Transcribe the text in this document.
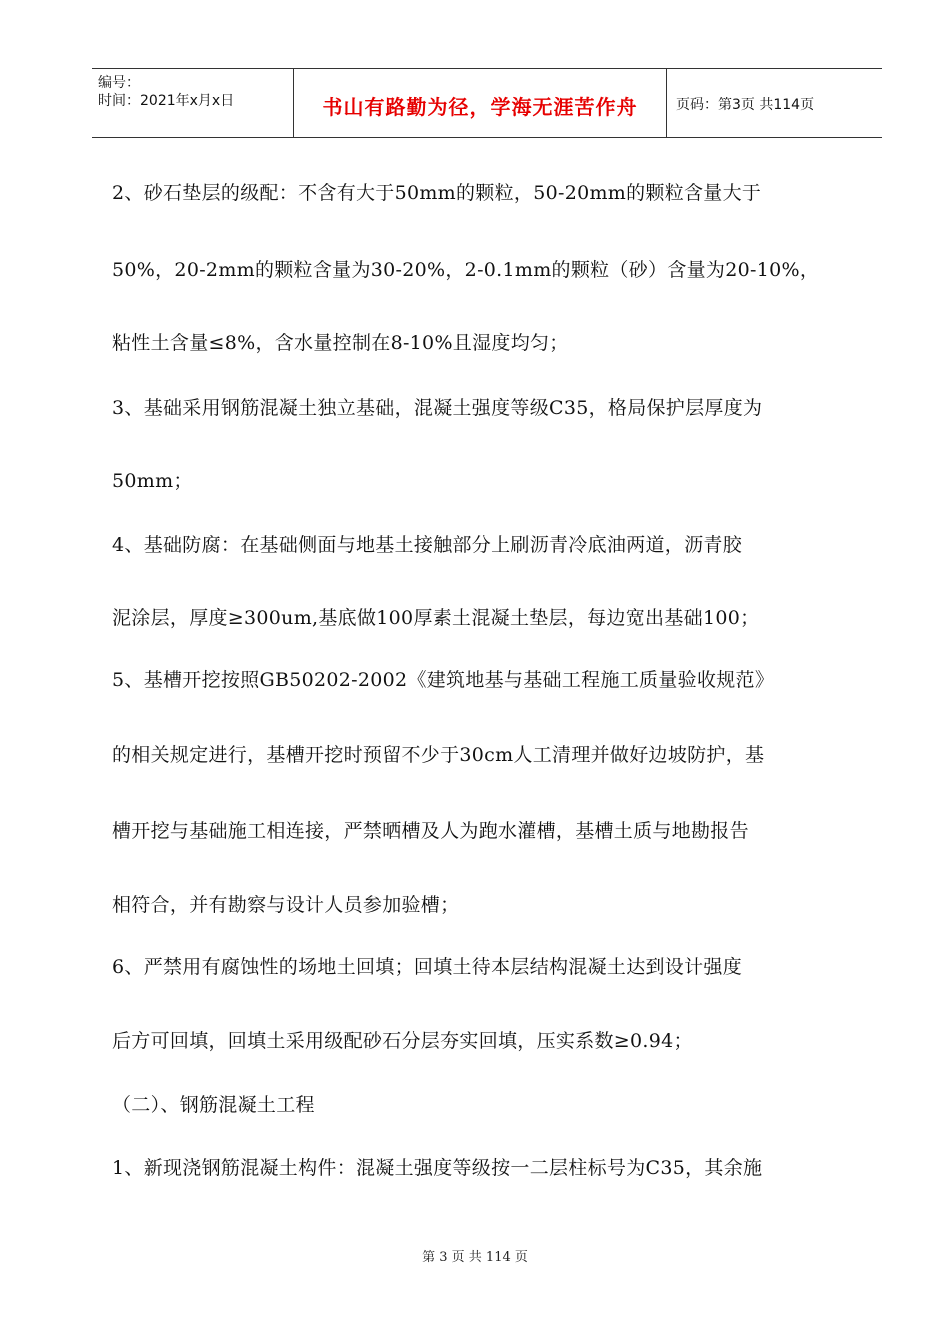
编号：
时间：2021年x月x日	书山有路勤为径，学海无涯苦作舟	页码：第3页 共114页
2、砂石垫层的级配：不含有大于50mm的颗粒，50-20mm的颗粒含量大于
50%，20-2mm的颗粒含量为30-20%，2-0.1mm的颗粒（砂）含量为20-10%，
粘性土含量≤8%，含水量控制在8-10%且湿度均匀；
3、基础采用钢筋混凝土独立基础，混凝土强度等级C35，格局保护层厚度为
50mm；
4、基础防腐：在基础侧面与地基土接触部分上刷沥青冷底油两道，沥青胶
泥涂层，厚度≥300um,基底做100厚素土混凝土垫层，每边宽出基础100；
5、基槽开挖按照GB50202-2002《建筑地基与基础工程施工质量验收规范》
的相关规定进行，基槽开挖时预留不少于30cm人工清理并做好边坡防护，基
槽开挖与基础施工相连接，严禁晒槽及人为跑水灌槽，基槽土质与地勘报告
相符合，并有勘察与设计人员参加验槽；
6、严禁用有腐蚀性的场地土回填；回填土待本层结构混凝土达到设计强度
后方可回填，回填土采用级配砂石分层夯实回填，压实系数≥0.94；
（二）、钢筋混凝土工程
1、新现浇钢筋混凝土构件：混凝土强度等级按一二层柱标号为C35，其余施
第 3 页 共 114 页
